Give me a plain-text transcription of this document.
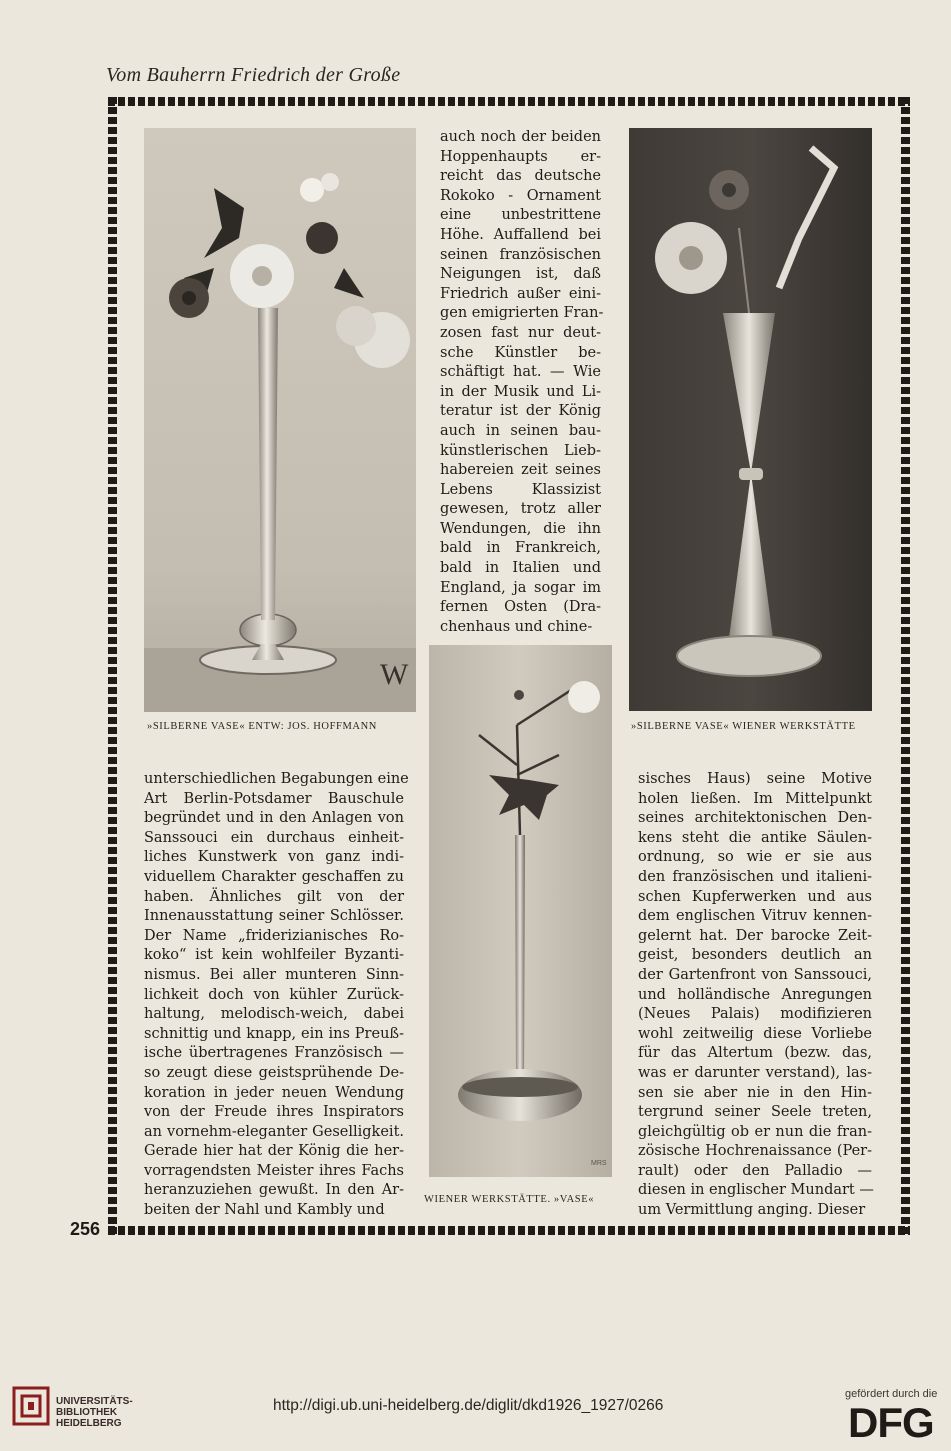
Vom Bauherrn Friedrich der Große
256
W
MRS
»SILBERNE VASE« ENTW: JOS. HOFFMANN	»SILBERNE VASE« WIENER WERKSTÄTTE
WIENER WERKSTÄTTE. »VASE«
auch noch der beiden
Hoppenhaupts er-
reicht das deutsche
Rokoko - Ornament
eine unbestrittene
Höhe. Auffallend bei
seinen französischen
Neigungen ist, daß
Friedrich außer eini-
gen emigrierten Fran-
zosen fast nur deut-
sche Künstler be-
schäftigt hat. — Wie
in der Musik und Li-
teratur ist der König
auch in seinen bau-
künstlerischen Lieb-
habereien zeit seines
Lebens Klassizist
gewesen, trotz aller
Wendungen, die ihn
bald in Frankreich,
bald in Italien und
England, ja sogar im
fernen Osten (Dra-
chenhaus und chine-
unterschiedlichen Begabungen eine
Art Berlin-Potsdamer Bauschule
begründet und in den Anlagen von
Sanssouci ein durchaus einheit-
liches Kunstwerk von ganz indi-
viduellem Charakter geschaffen zu
haben. Ähnliches gilt von der
Innenausstattung seiner Schlösser.
Der Name „friderizianisches Ro-
koko“ ist kein wohlfeiler Byzanti-
nismus. Bei aller munteren Sinn-
lichkeit doch von kühler Zurück-
haltung, melodisch-weich, dabei
schnittig und knapp, ein ins Preuß-
ische übertragenes Französisch —
so zeugt diese geistsprühende De-
koration in jeder neuen Wendung
von der Freude ihres Inspirators
an vornehm-eleganter Geselligkeit.
Gerade hier hat der König die her-
vorragendsten Meister ihres Fachs
heranzuziehen gewußt. In den Ar-
beiten der Nahl und Kambly und
sisches Haus) seine Motive
holen ließen. Im Mittelpunkt
seines architektonischen Den-
kens steht die antike Säulen-
ordnung, so wie er sie aus
den französischen und italieni-
schen Kupferwerken und aus
dem englischen Vitruv kennen-
gelernt hat. Der barocke Zeit-
geist, besonders deutlich an
der Gartenfront von Sanssouci,
und holländische Anregungen
(Neues Palais) modifizieren
wohl zeitweilig diese Vorliebe
für das Altertum (bezw. das,
was er darunter verstand), las-
sen sie aber nie in den Hin-
tergrund seiner Seele treten,
gleichgültig ob er nun die fran-
zösische Hochrenaissance (Per-
rault) oder den Palladio —
diesen in englischer Mundart —
um Vermittlung anging. Dieser
UNIVERSITÄTS-
BIBLIOTHEK
HEIDELBERG
http://digi.ub.uni-heidelberg.de/diglit/dkd1926_1927/0266
gefördert durch die
DFG
